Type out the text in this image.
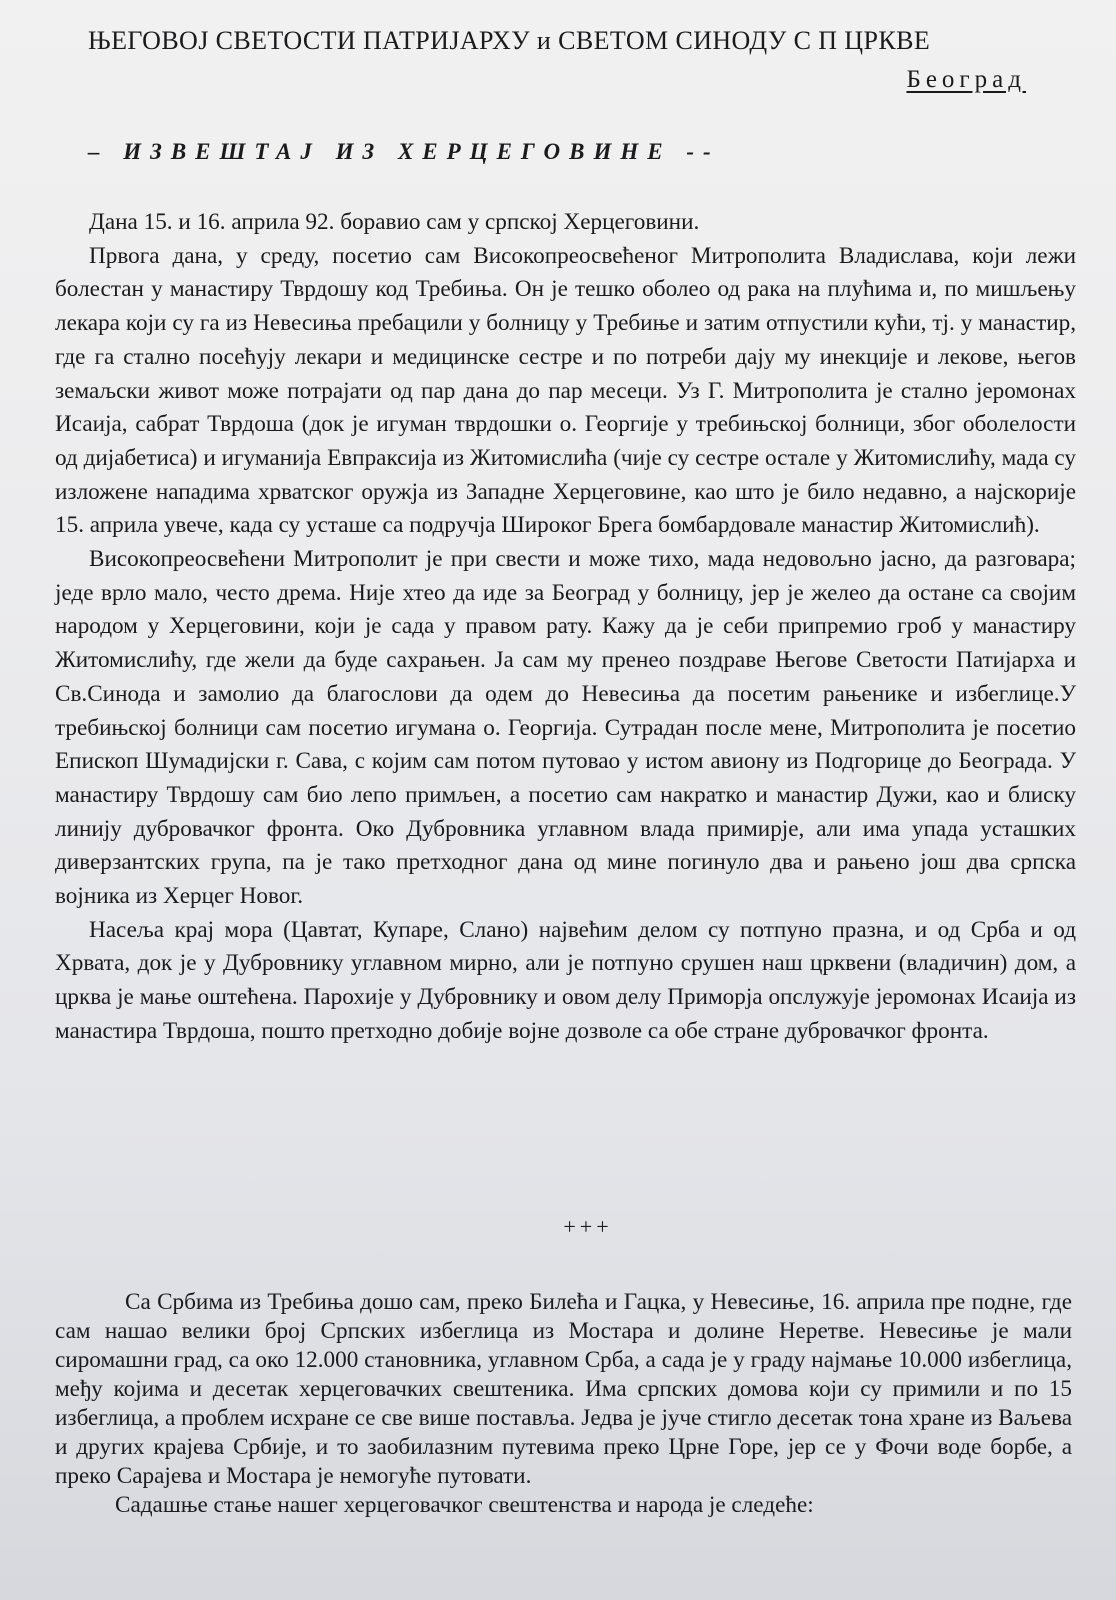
ЊЕГОВОЈ СВЕТОСТИ ПАТРИЈАРХУ и СВЕТОМ СИНОДУ С П ЦРКВЕ
Београд
– ИЗВЕШТАЈ ИЗ ХЕРЦЕГОВИНЕ --

Дана 15. и 16. априла 92. боравио сам у српској Херцеговини.

Првога дана, у среду, посетио сам Високопреосвећеног Митрополита Владислава, који лежи болестан у манастиру Тврдошу код Требиња. Он је тешко оболео од рака на плућима и, по мишљењу лекара који су га из Невесиња пребацили у болницу у Требиње и затим отпустили кући, тј. у манастир, где га стално посећују лекари и медицинске сестре и по потреби дају му инекције и лекове, његов земаљски живот може потрајати од пар дана до пар месеци. Уз Г. Митрополита је стално јеромонах Исаија, сабрат Тврдоша (док је игуман тврдошки о. Георгије у требињској болници, због оболелости од дијабетиса) и игуманија Евпраксија из Житомислића (чије су сестре остале у Житомислићу, мада су изложене нападима хрватског оружја из Западне Херцеговине, као што је било недавно, а најскорије 15. априла увече, када су усташе са подручја Широког Брега бомбардовале манастир Житомислић).

Високопреосвећени Митрополит је при свести и може тихо, мада недовољно јасно, да разговара; једе врло мало, често дрема. Није хтео да иде за Београд у болницу, јер је желео да остане са својим народом у Херцеговини, који је сада у правом рату. Кажу да је себи припремио гроб у манастиру Житомислићу, где жели да буде сахрањен. Ја сам му пренео поздраве Његове Светости Патијарха и Св.Синода и замолио да благослови да одем до Невесиња да посетим рањенике и избеглице.У требињској болници сам посетио игумана о. Георгија. Сутрадан после мене, Митрополита је посетио Епископ Шумадијски г. Сава, с којим сам потом путовао у истом авиону из Подгорице до Београда. У манастиру Тврдошу сам био лепо примљен, а посетио сам накратко и манастир Дужи, као и блиску линију дубровачког фронта. Око Дубровника углавном влада примирје, али има упада усташких диверзантских група, па је тако претходног дана од мине погинуло два и рањено још два српска војника из Херцег Новог.

Насеља крај мора (Цавтат, Купаре, Слано) највећим делом су потпуно празна, и од Срба и од Хрвата, док је у Дубровнику углавном мирно, али је потпуно срушен наш црквени (владичин) дом, а црква је мање оштећена. Парохије у Дубровнику и овом делу Приморја опслужује јеромонах Исаија из манастира Тврдоша, пошто претходно добије војне дозволе са обе стране дубровачког фронта.

+++

Са Србима из Требиња дошо сам, преко Билећа и Гацка, у Невесиње, 16. априла пре подне, где сам нашао велики број Српских избеглица из Мостара и долине Неретве. Невесиње је мали сиромашни град, са око 12.000 становника, углавном Срба, а сада је у граду најмање 10.000 избеглица, међу којима и десетак херцеговачких свештеника. Има српских домова који су примили и по 15 избеглица, а проблем исхране се све више поставља. Једва је јуче стигло десетак тона хране из Ваљева и других крајева Србије, и то заобилазним путевима преко Црне Горе, јер се у Фочи воде борбе, а преко Сарајева и Мостара је немогуће путовати.

Садашње стање нашег херцеговачког свештенства и народа је следеће:
